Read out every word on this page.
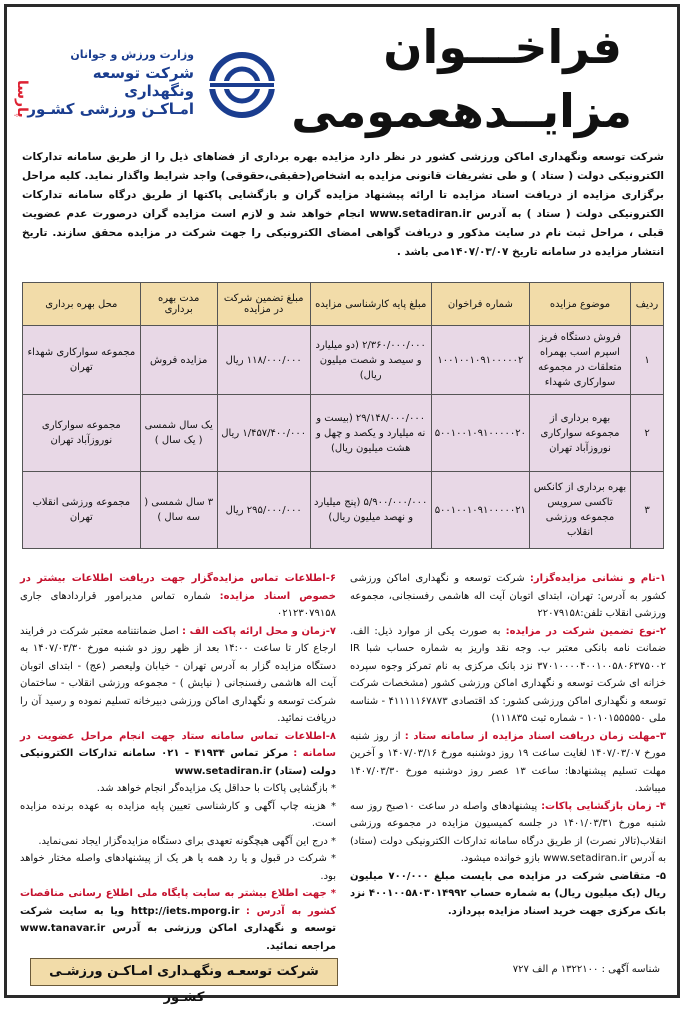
فراخـــوان
مزایــدهعمومی
وزارت ورزش و جوانان
شرکت توسعه ونگهداری
امـاکـن ورزشی کشـور
پارسا
شرکت توسعه ونگهداری اماکن ورزشی کشور در نظر دارد مزایده بهره برداری از فضاهای ذیل را از طریق سامانه تدارکات الکترونیکی دولت ( ستاد ) و طی تشریفات قانونی مزایده به اشخاص(حقیقی،حقوقی) واجد شرایط واگذار نماید. کلیه مراحل برگزاری مزایده از دریافت اسناد مزایده تا ارائه پیشنهاد مزایده گران و بازگشایی پاکتها از طریق درگاه سامانه تدارکات الکترونیکی دولت ( ستاد ) به آدرس www.setadiran.ir انجام خواهد شد و لازم است مزایده گران درصورت عدم عضویت قبلی ، مراحل ثبت نام در سایت مذکور و دریافت گواهی امضای الکترونیکی را جهت شرکت در مزایده محقق سازند. تاریخ انتشار مزایده در سامانه تاریخ ۱۴۰۷/۰۳/۰۷می باشد .
ردیف	موضوع مزایده	شماره فراخوان	مبلغ پایه کارشناسی مزایده	مبلغ تضمین شرکت در مزایده	مدت بهره برداری	محل بهره برداری
۱	فروش دستگاه فریز اسپرم اسب بهمراه متعلقات در مجموعه سوارکاری شهداء	۱۰۰۱۰۰۱۰۹۱۰۰۰۰۰۲	۲/۳۶۰/۰۰۰/۰۰۰ (دو میلیارد و سیصد و شصت میلیون ریال)	۱۱۸/۰۰۰/۰۰۰ ریال	مزایده فروش	مجموعه سوارکاری شهداء تهران
۲	بهره برداری از مجموعه سوارکاری نوروزآباد تهران	۵۰۰۱۰۰۱۰۹۱۰۰۰۰۰۲۰	۲۹/۱۴۸/۰۰۰/۰۰۰ (بیست و نه میلیارد و یکصد و چهل و هشت میلیون ریال)	۱/۴۵۷/۴۰۰/۰۰۰ ریال	یک سال شمسی ( یک سال )	مجموعه سوارکاری نوروزآباد تهران
۳	بهره برداری از کانکس تاکسی سرویس مجموعه ورزشی انقلاب	۵۰۰۱۰۰۱۰۹۱۰۰۰۰۰۲۱	۵/۹۰۰/۰۰۰/۰۰۰ (پنج میلیارد و نهصد میلیون ریال)	۲۹۵/۰۰۰/۰۰۰ ریال	۳ سال شمسی ( سه سال )	مجموعه ورزشی انقلاب تهران

۱-نام و نشانی مزایده‌گزار: شرکت توسعه و نگهداری اماکن ورزشی کشور به آدرس: تهران، ابتدای اتوبان آیت اله هاشمی رفسنجانی، مجموعه ورزشی انقلاب تلفن:۲۲۰۷۹۱۵۸

۲-نوع تضمین شرکت در مزایده: به صورت یکی از موارد ذیل: الف. ضمانت نامه بانکی معتبر ب. وجه نقد واریز به شماره حساب شبا IR ۳۷۰۱۰۰۰۰۴۰۰۱۰۰۵۸۰۶۳۷۵۰۰۲ نزد بانک مرکزی به نام تمرکز وجوه سپرده خزانه ای شرکت توسعه و نگهداری اماکن ورزشی کشور (مشخصات شرکت توسعه و نگهداری اماکن ورزشی کشور: کد اقتصادی ۴۱۱۱۱۱۶۷۸۷۳ - شناسه ملی ۱۰۱۰۱۵۵۵۵۵۰ - شماره ثبت ۱۱۱۸۳۵)

۳-مهلت زمان دریافت اسناد مزایده از سامانه ستاد : از روز شنبه مورخ ۱۴۰۷/۰۳/۰۷ لغایت ساعت ۱۹ روز دوشنبه مورخ ۱۴۰۷/۰۳/۱۶ و آخرین مهلت تسلیم پیشنهادها: ساعت ۱۳ عصر روز دوشنبه مورخ ۱۴۰۷/۰۳/۳۰ میباشد.

۴- زمان بازگشایی پاکات: پیشنهادهای واصله در ساعت ۱۰صبح روز سه شنبه مورخ ۱۴۰۱/۰۳/۳۱ در جلسه کمیسیون مزایده در مجموعه ورزشی انقلاب(تالار نصرت) از طریق درگاه سامانه تدارکات الکترونیکی دولت (ستاد) به آدرس www.setadiran.ir بازو خوانده میشود.

۵- متقاضی شرکت در مزایده می بایست مبلغ ۷۰۰/۰۰۰ میلیون ریال (یک میلیون ریال) به شماره حساب ۴۰۰۱۰۰۵۸۰۳۰۱۴۹۹۲ نزد بانک مرکزی جهت خرید اسناد مزایده بپردازد.

۶-اطلاعات تماس مزایده‌گزار جهت دریافت اطلاعات بیشتر در خصوص اسناد مزایده: شماره تماس مدیرامور قراردادهای جاری ۰۲۱۲۳۰۷۹۱۵۸

۷-زمان و محل ارائه پاکت الف : اصل ضمانتنامه معتبر شرکت در فرایند ارجاع کار تا ساعت ۱۴:۰۰ بعد از ظهر روز دو شنبه مورخ ۱۴۰۷/۰۳/۳۰ به دستگاه مزایده گزار به آدرس تهران - خیابان ولیعصر (عج) - ابتدای اتوبان آیت اله هاشمی رفسنجانی ( نیایش ) - مجموعه ورزشی انقلاب - ساختمان شرکت توسعه و نگهداری اماکن ورزشی دبیرخانه تسلیم نموده و رسید آن را دریافت نمائید.

۸-اطلاعات تماس سامانه ستاد جهت انجام مراحل عضویت در سامانه : مرکز تماس ۴۱۹۳۴ - ۰۲۱ سامانه تدارکات الکترونیکی دولت (ستاد) www.setadiran.ir

* بازگشایی پاکات با حداقل یک مزایده‌گر انجام خواهد شد.

* هزینه چاپ آگهی و کارشناسی تعیین پایه مزایده به عهده برنده مزایده است.

* درج این آگهی هیچگونه تعهدی برای دستگاه مزایده‌گزار ایجاد نمی‌نماید.

* شرکت در قبول و یا رد همه یا هر یک از پیشنهادهای واصله مختار خواهد بود.

* جهت اطلاع بیشتر به سایت پایگاه ملی اطلاع رسانی مناقصات کشور به آدرس : http://iets.mporg.ir ویا به سایت شرکت توسعه و نگهداری اماکن ورزشی به آدرس www.tanavar.ir مراجعه نمائید.

شناسه آگهی : ۱۳۲۲۱۰۰ م الف ۷۲۷
شرکت توسعـه ونگهـداری امـاکـن ورزشـی کشـور
